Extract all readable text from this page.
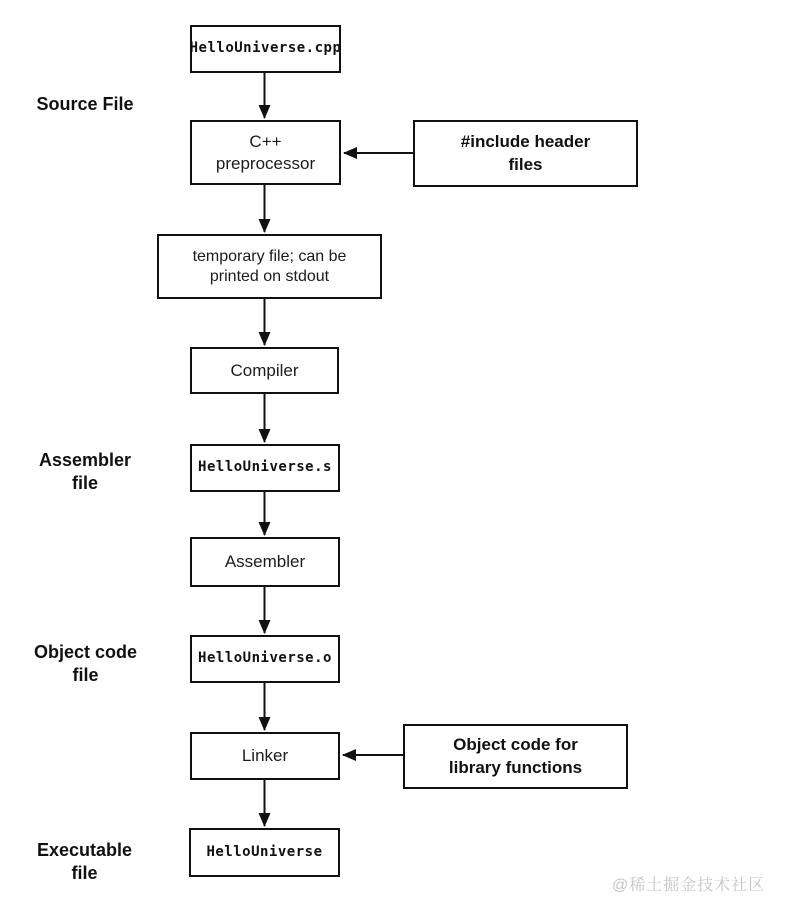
Source File
Assembler
file
Object code
file
Executable
file
HelloUniverse.cpp
C++
preprocessor
temporary file; can be
printed on stdout
Compiler
HelloUniverse.s
Assembler
HelloUniverse.o
Linker
HelloUniverse
#include header
files
Object code for
library functions
@稀土掘金技术社区
